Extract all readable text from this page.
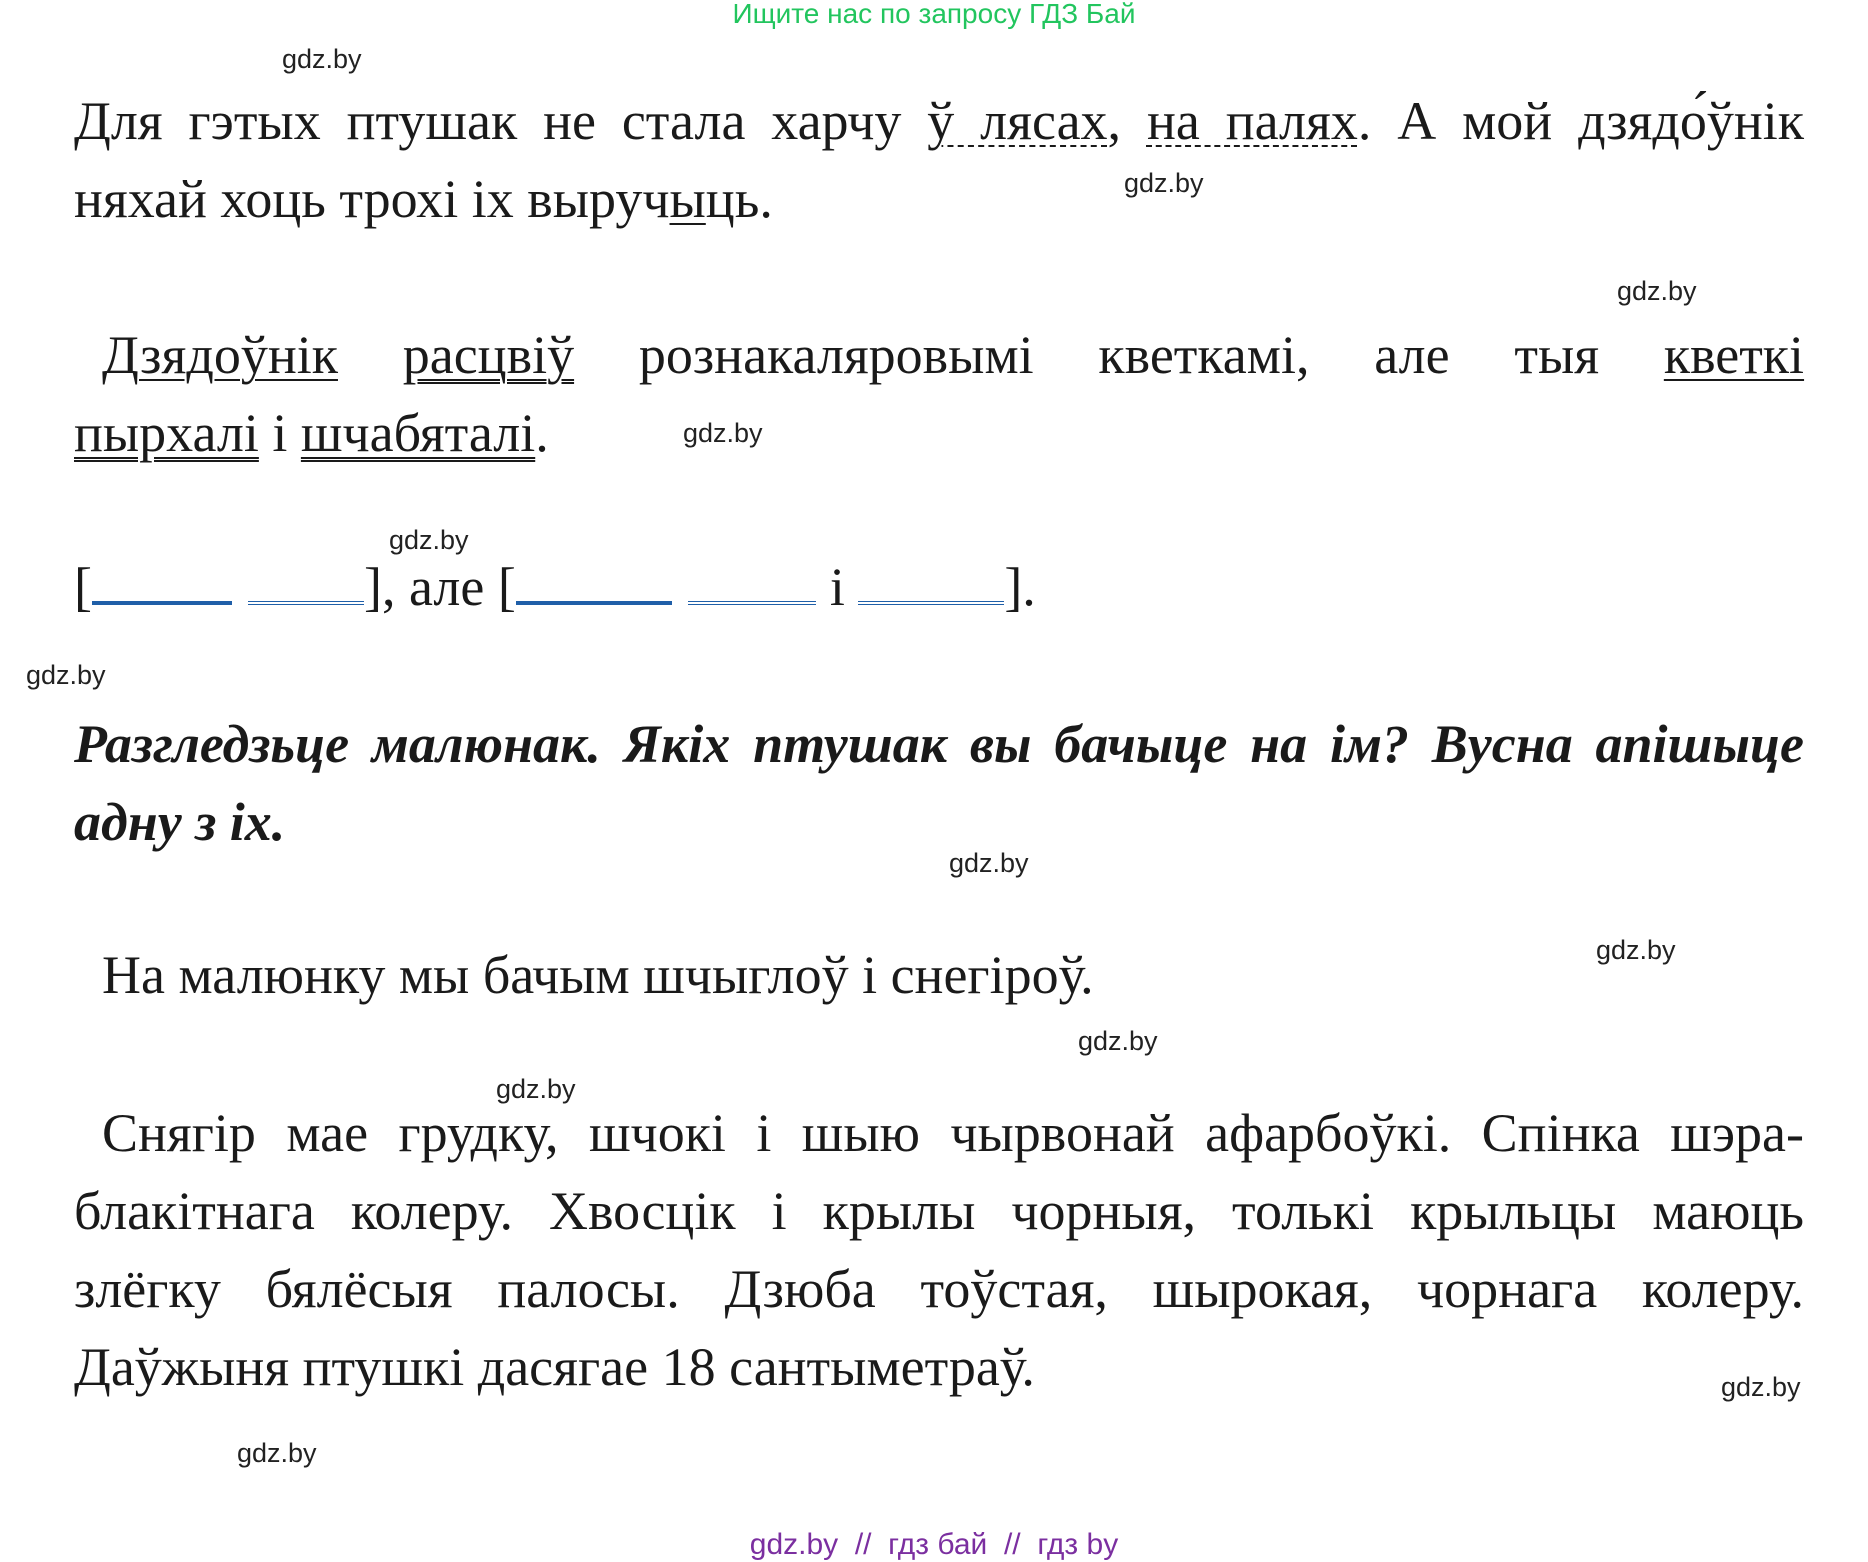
Ищите нас по запросу ГДЗ Бай
gdz.by
gdz.by
gdz.by
gdz.by
gdz.by
gdz.by
gdz.by
gdz.by
gdz.by
gdz.by
gdz.by
gdz.by
Для гэтых птушак не стала харчу ў лясах, на палях. А мой дзядо́ўнік
няхай хоць трохі іх выручыць.
Дзядоўнік расцвіў рознакаляровымі кветкамі, але тыя кветкі
пырхалі і шчабяталі.
[	], але [	і	].
Разгледзьце малюнак. Якіх птушак вы бачыце на ім? Вусна апішыце адну з іх.
На малюнку мы бачым шчыглоў і снегіроў.
Снягір мае грудку, шчокі і шыю чырвонай афарбоўкі. Спінка шэра-
блакітнага колеру. Хвосцік і крылы чорныя, толькі крыльцы маюць
злёгку бялёсыя палосы. Дзюба тоўстая, шырокая, чорнага колеру.
Даўжыня птушкі дасягае 18 сантыметраў.
gdz.by  //  гдз бай  //  гдз by
